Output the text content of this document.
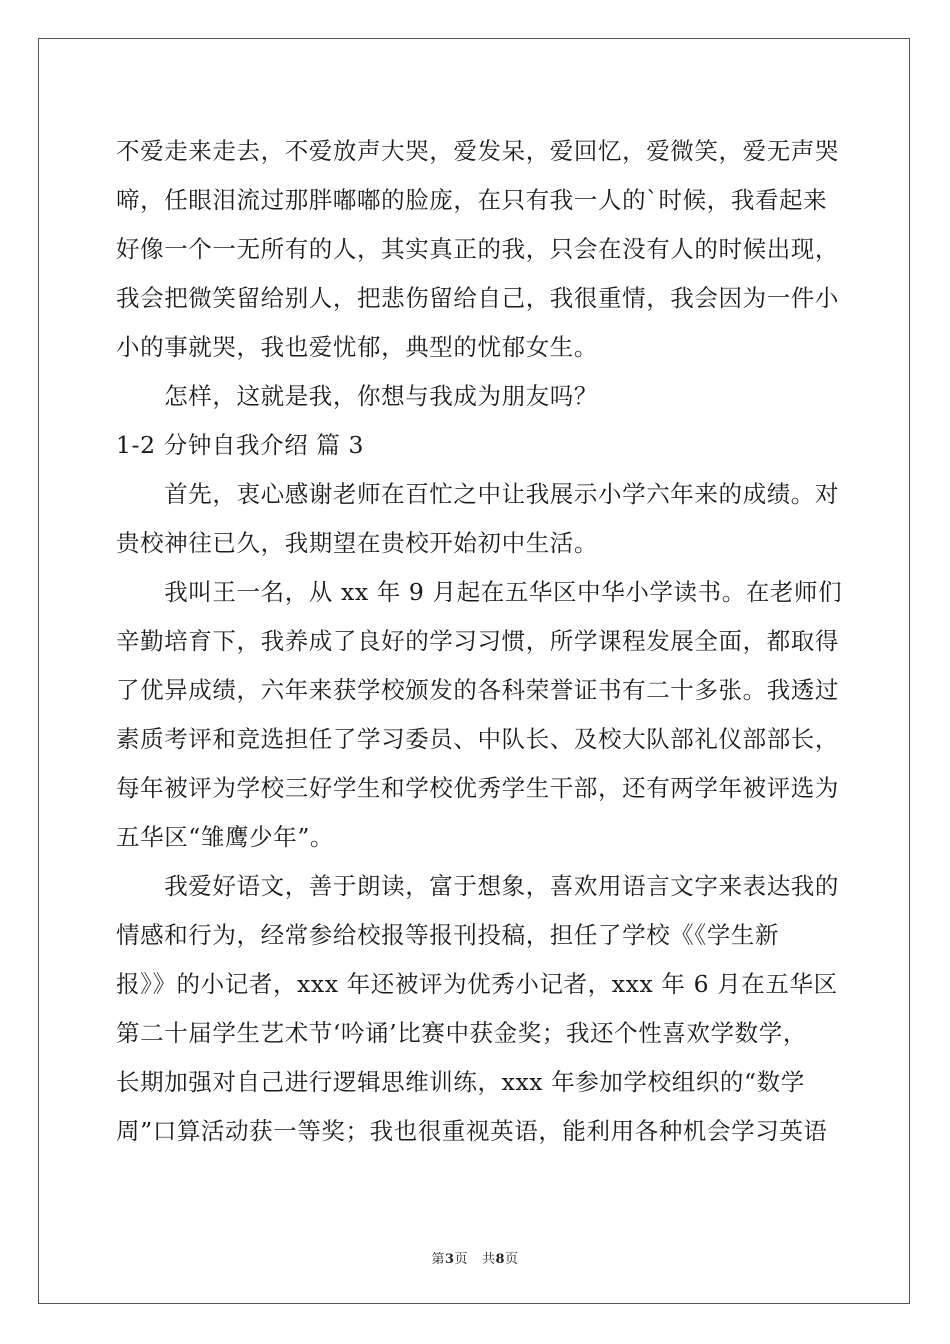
不爱走来走去，不爱放声大哭，爱发呆，爱回忆，爱微笑，爱无声哭
啼，任眼泪流过那胖嘟嘟的脸庞，在只有我一人的`时候，我看起来
好像一个一无所有的人，其实真正的我，只会在没有人的时候出现，
我会把微笑留给别人，把悲伤留给自己，我很重情，我会因为一件小
小的事就哭，我也爱忧郁，典型的忧郁女生。
　　怎样，这就是我，你想与我成为朋友吗？
1-2 分钟自我介绍 篇 3
　　首先，衷心感谢老师在百忙之中让我展示小学六年来的成绩。对
贵校神往已久，我期望在贵校开始初中生活。
　　我叫王一名，从 xx 年 9 月起在五华区中华小学读书。在老师们
辛勤培育下，我养成了良好的学习习惯，所学课程发展全面，都取得
了优异成绩，六年来获学校颁发的各科荣誉证书有二十多张。我透过
素质考评和竞选担任了学习委员、中队长、及校大队部礼仪部部长，
每年被评为学校三好学生和学校优秀学生干部，还有两学年被评选为
五华区“雏鹰少年”。
　　我爱好语文，善于朗读，富于想象，喜欢用语言文字来表达我的
情感和行为，经常参给校报等报刊投稿，担任了学校《《学生新
报》》的小记者，xxx 年还被评为优秀小记者，xxx 年 6 月在五华区
第二十届学生艺术节‘吟诵’比赛中获金奖；我还个性喜欢学数学，
长期加强对自己进行逻辑思维训练，xxx 年参加学校组织的“数学
周”口算活动获一等奖；我也很重视英语，能利用各种机会学习英语
第3页 共8页
